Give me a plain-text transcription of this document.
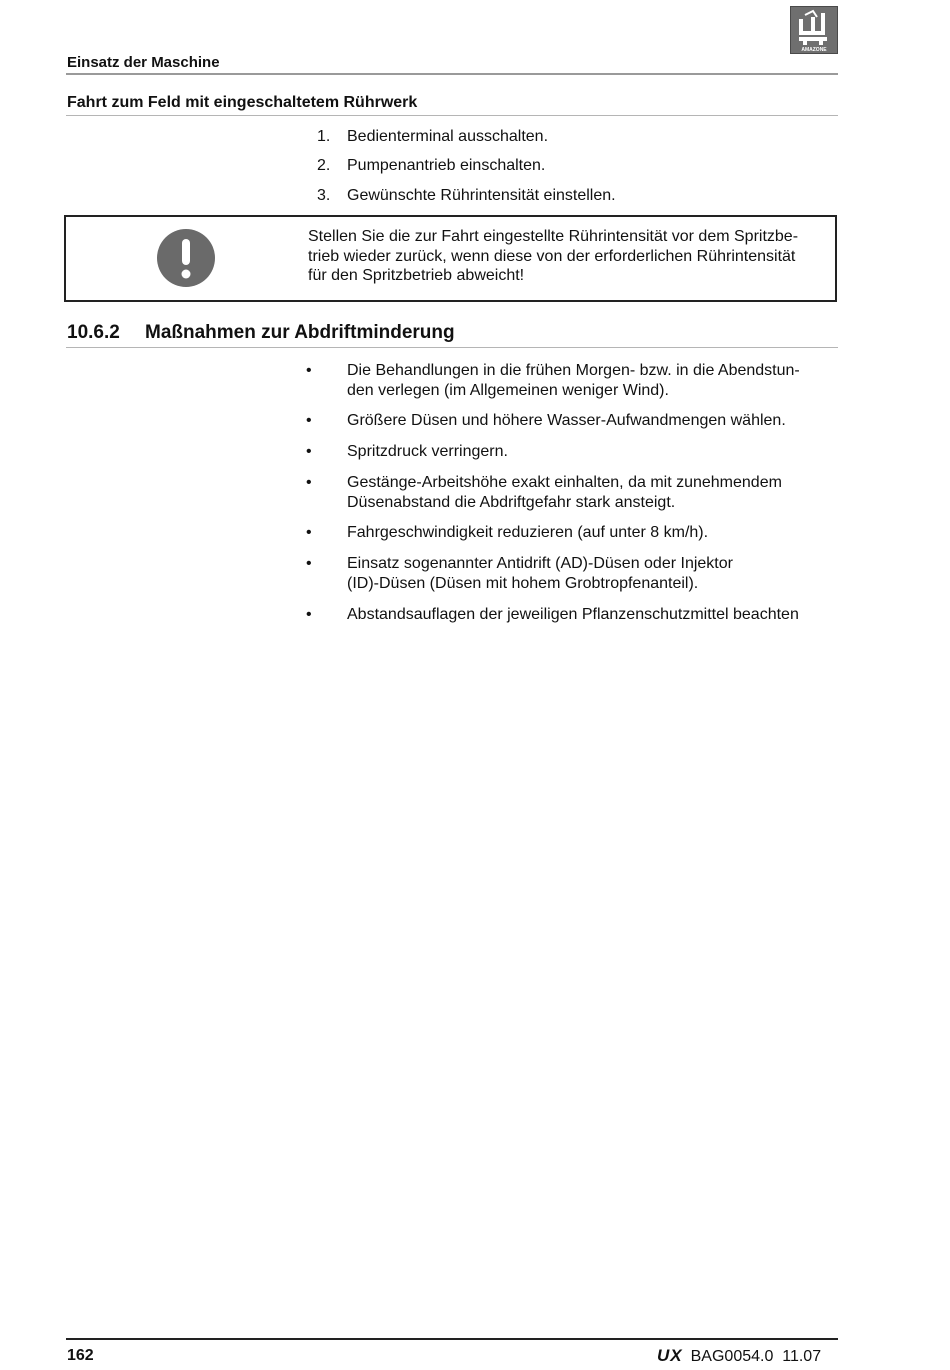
AMAZONE
Einsatz der Maschine
Fahrt zum Feld mit eingeschaltetem Rührwerk
1.	Bedienterminal ausschalten.
2.	Pumpenantrieb einschalten.
3.	Gewünschte Rührintensität einstellen.
Stellen Sie die zur Fahrt eingestellte Rührintensität vor dem Spritzbe-
trieb wieder zurück, wenn diese von der erforderlichen Rührintensität
für den Spritzbetrieb abweicht!
10.6.2 Maßnahmen zur Abdriftminderung
• Die Behandlungen in die frühen Morgen- bzw. in die Abendstun-
den verlegen (im Allgemeinen weniger Wind).
• Größere Düsen und höhere Wasser-Aufwandmengen wählen.
• Spritzdruck verringern.
• Gestänge-Arbeitshöhe exakt einhalten, da mit zunehmendem
Düsenabstand die Abdriftgefahr stark ansteigt.
• Fahrgeschwindigkeit reduzieren (auf unter 8 km/h).
• Einsatz sogenannter Antidrift (AD)-Düsen oder Injektor
(ID)-Düsen (Düsen mit hohem Grobtropfenanteil).
• Abstandsauflagen der jeweiligen Pflanzenschutzmittel beachten
162	UX BAG0054.0  11.07
